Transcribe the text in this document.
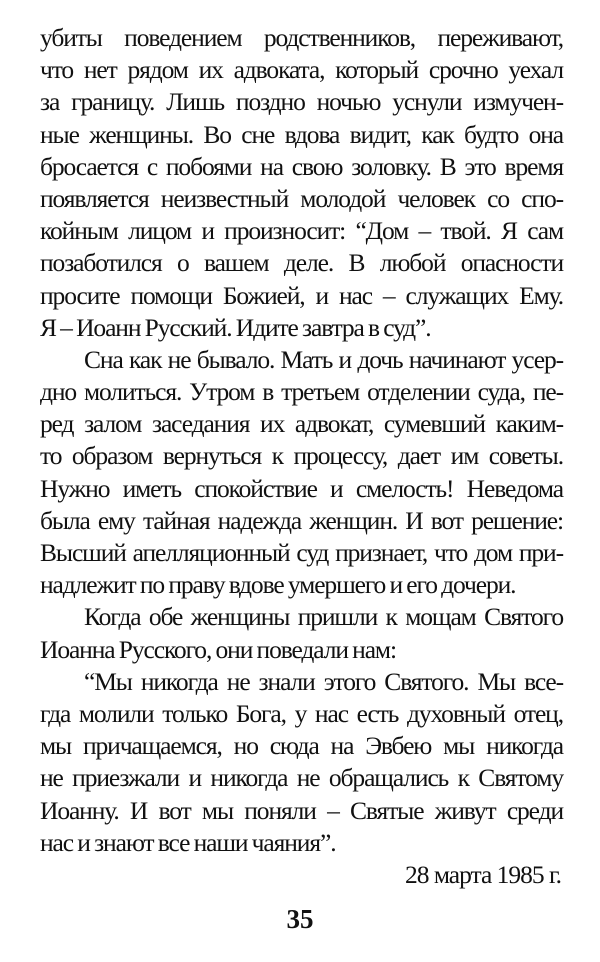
убиты поведением родственников, переживают,
что нет рядом их адвоката, который срочно уехал
за границу. Лишь поздно ночью уснули измучен-
ные женщины. Во сне вдова видит, как будто она
бросается с побоями на свою золовку. В это время
появляется неизвестный молодой человек со спо-
койным лицом и произносит: “Дом – твой. Я сам
позаботился о вашем деле. В любой опасности
просите помощи Божией, и нас – служащих Ему.
Я – Иоанн Русский. Идите завтра в суд”.
Сна как не бывало. Мать и дочь начинают усер-
дно молиться. Утром в третьем отделении суда, пе-
ред залом заседания их адвокат, сумевший каким-
то образом вернуться к процессу, дает им советы.
Нужно иметь спокойствие и смелость! Неведома
была ему тайная надежда женщин. И вот решение:
Высший апелляционный суд признает, что дом при-
надлежит по праву вдове умершего и его дочери.
Когда обе женщины пришли к мощам Святого
Иоанна Русского, они поведали нам:
“Мы никогда не знали этого Святого. Мы все-
гда молили только Бога, у нас есть духовный отец,
мы причащаемся, но сюда на Эвбею мы никогда
не приезжали и никогда не обращались к Святому
Иоанну. И вот мы поняли – Святые живут среди
нас и знают все наши чаяния”.
28 марта 1985 г.
35
